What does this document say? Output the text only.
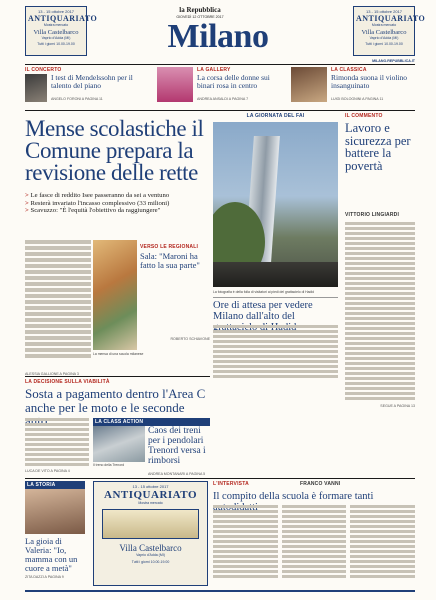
13 - 15 ottobre 2017
ANTIQUARIATO
Mostra mercato
Villa Castelbarco
Vaprio d'Adda (MI)
Tutti i giorni 10.00-19.00
la Repubblica
GIOVEDÌ 12 OTTOBRE 2017
Milano
13 - 15 ottobre 2017
ANTIQUARIATO
Mostra mercato
Villa Castelbarco
Vaprio d'Adda (MI)
Tutti i giorni 10.00-19.00
MILANO.REPUBBLICA.IT
IL CONCERTO
I test di Mendelssohn per il talento del piano
ANGELO FORONI A PAGINA 11
LA GALLERY
La corsa delle donne sui binari rosa in centro
ANDREA ANSALDI A PAGINA 7
LA CLASSICA
Rimonda suona il violino insanguinato
LUIGI BOLOGNINI A PAGINA 11
Mense scolastiche il Comune prepara la revisione delle rette
> Le fasce di reddito Isee passeranno da sei a ventuno
> Resterà invariato l'incasso complessivo (33 milioni)
> Scavuzzo: "È l'equità l'obiettivo da raggiungere"
ALESSIA GALLIONE A PAGINA 3
VERSO LE REGIONALI
Sala: "Maroni ha fatto la sua parte"
ROBERTO SCHIAVONE
La mensa di una scuola milanese
LA GIORNATA DEL FAI
La fotografia è della folla di visitatori ai piedi del grattacielo di Hadid
Ore di attesa per vedere Milano dall'alto del
IL COMMENTO
Lavoro e sicurezza per battere la povertà
VITTORIO LINGIARDI
SEGUE A PAGINA 13
LA DECISIONE SULLA VIABILITÀ
Sosta a pagamento dentro l'Area C anche per le moto e le seconde
LUCA DE VITO A PAGINA 4
LA CLASS ACTION
Il treno della Trenord
Caos dei treni per i pendolari Trenord versa i rimborsi
ANDREA MONTANARI A PAGINA 5
LA STORIA
La gioia di Valeria: "Io, mamma con un cuore a metà"
ZITA DAZZI A PAGINA 9
13 - 15 ottobre 2017
ANTIQUARIATO
Mostra mercato
Villa Castelbarco
Vaprio d'Adda (MI)
Tutti i giorni 10.00-19.00
L'INTERVISTA	FRANCO VANNI
Il compito della scuola è formare tanti
